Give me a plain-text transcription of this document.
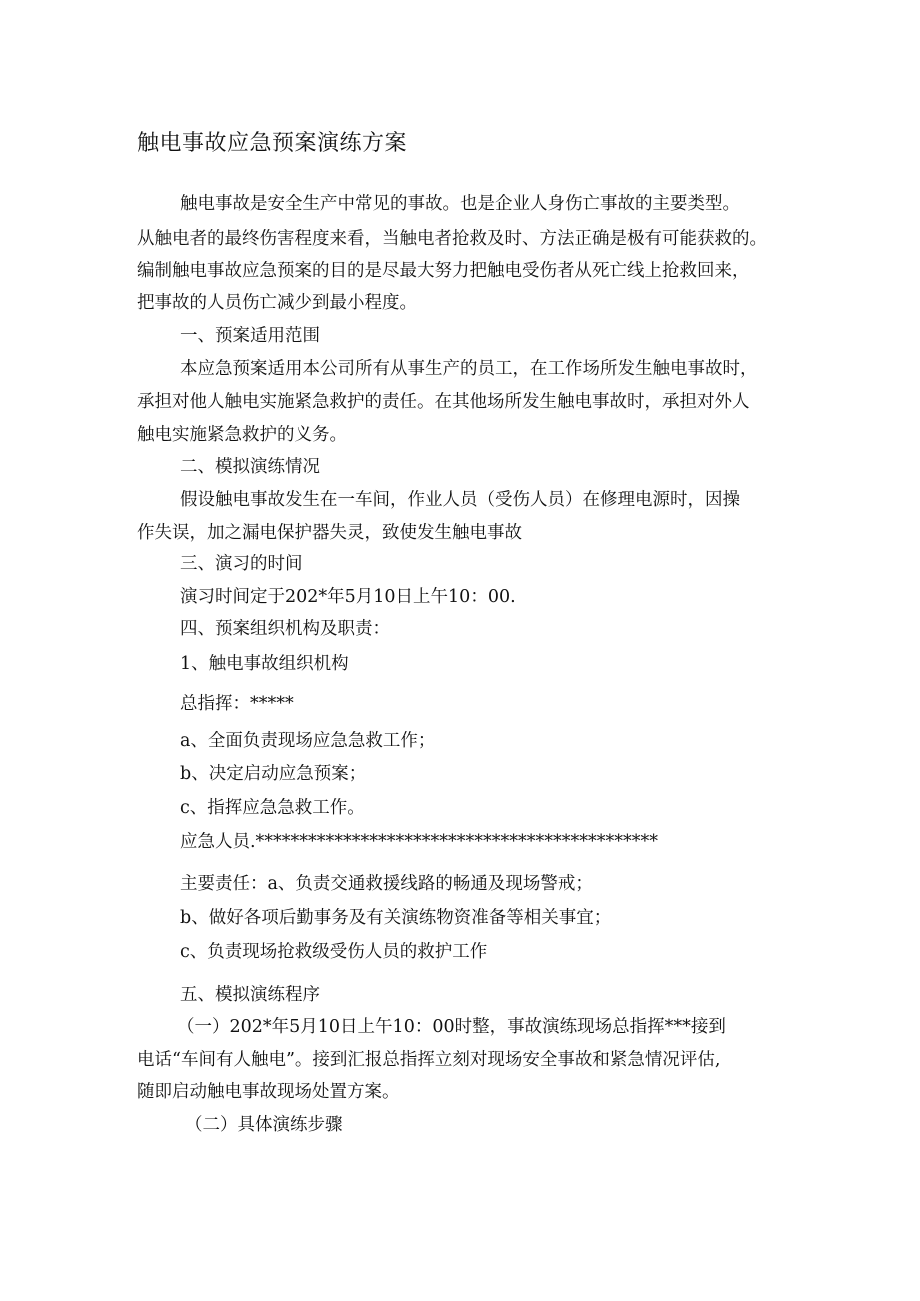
触电事故应急预案演练方案
触电事故是安全生产中常见的事故。也是企业人身伤亡事故的主要类型。
从触电者的最终伤害程度来看，当触电者抢救及时、方法正确是极有可能获救的。
编制触电事故应急预案的目的是尽最大努力把触电受伤者从死亡线上抢救回来，
把事故的人员伤亡减少到最小程度。
一、预案适用范围
本应急预案适用本公司所有从事生产的员工，在工作场所发生触电事故时，
承担对他人触电实施紧急救护的责任。在其他场所发生触电事故时，承担对外人
触电实施紧急救护的义务。
二、模拟演练情况
假设触电事故发生在一车间，作业人员（受伤人员）在修理电源时，因操
作失误，加之漏电保护器失灵，致使发生触电事故
三、演习的时间
演习时间定于202*年5月10日上午10：00.
四、预案组织机构及职责：
1、触电事故组织机构
总指挥：*****
a、全面负责现场应急急救工作；
b、决定启动应急预案；
c、指挥应急急救工作。
应急人员.**********************************************
主要责任：a、负责交通救援线路的畅通及现场警戒；
b、做好各项后勤事务及有关演练物资准备等相关事宜；
c、负责现场抢救级受伤人员的救护工作
五、模拟演练程序
（一）202*年5月10日上午10：00时整，事故演练现场总指挥***接到
电话“车间有人触电”。接到汇报总指挥立刻对现场安全事故和紧急情况评估,
随即启动触电事故现场处置方案。
（二）具体演练步骤
